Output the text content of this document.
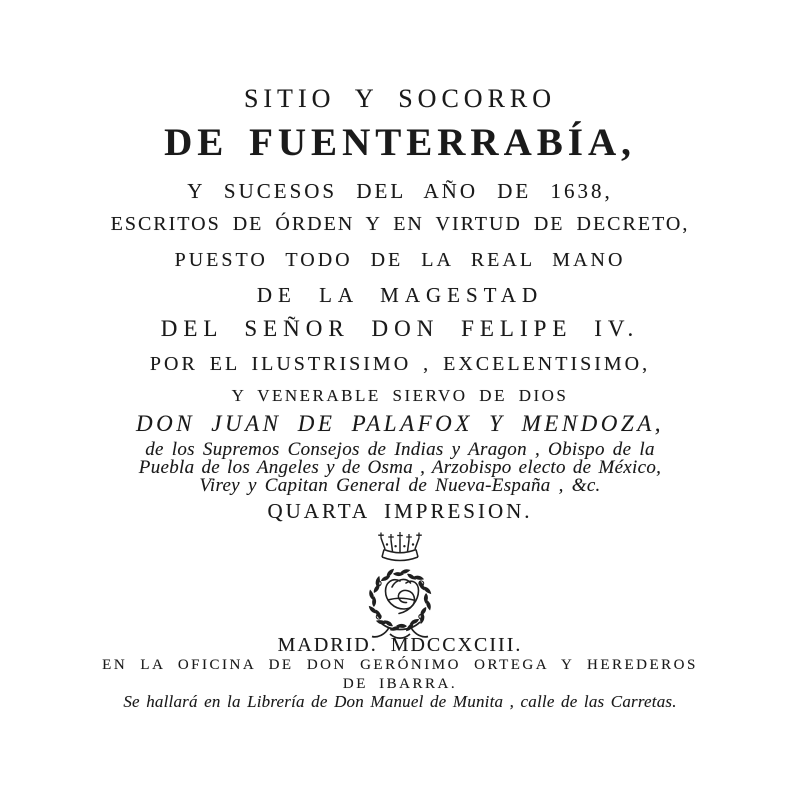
SITIO Y SOCORRO
DE FUENTERRABÍA,
Y SUCESOS DEL AÑO DE 1638,
ESCRITOS DE ÓRDEN Y EN VIRTUD DE DECRETO,
PUESTO TODO DE LA REAL MANO
DE LA MAGESTAD
DEL SEÑOR DON FELIPE IV.
POR EL ILUSTRISIMO , EXCELENTISIMO,
Y VENERABLE SIERVO DE DIOS
DON JUAN DE PALAFOX Y MENDOZA,
de los Supremos Consejos de Indias y Aragon , Obispo de la
Puebla de los Angeles y de Osma , Arzobispo electo de México,
Virey y Capitan General de Nueva-España , &c.
QUARTA IMPRESION.
MADRID. MDCCXCIII.
EN LA OFICINA DE DON GERÓNIMO ORTEGA Y HEREDEROS
DE IBARRA.
Se hallará en la Librería de Don Manuel de Munita , calle de las Carretas.
